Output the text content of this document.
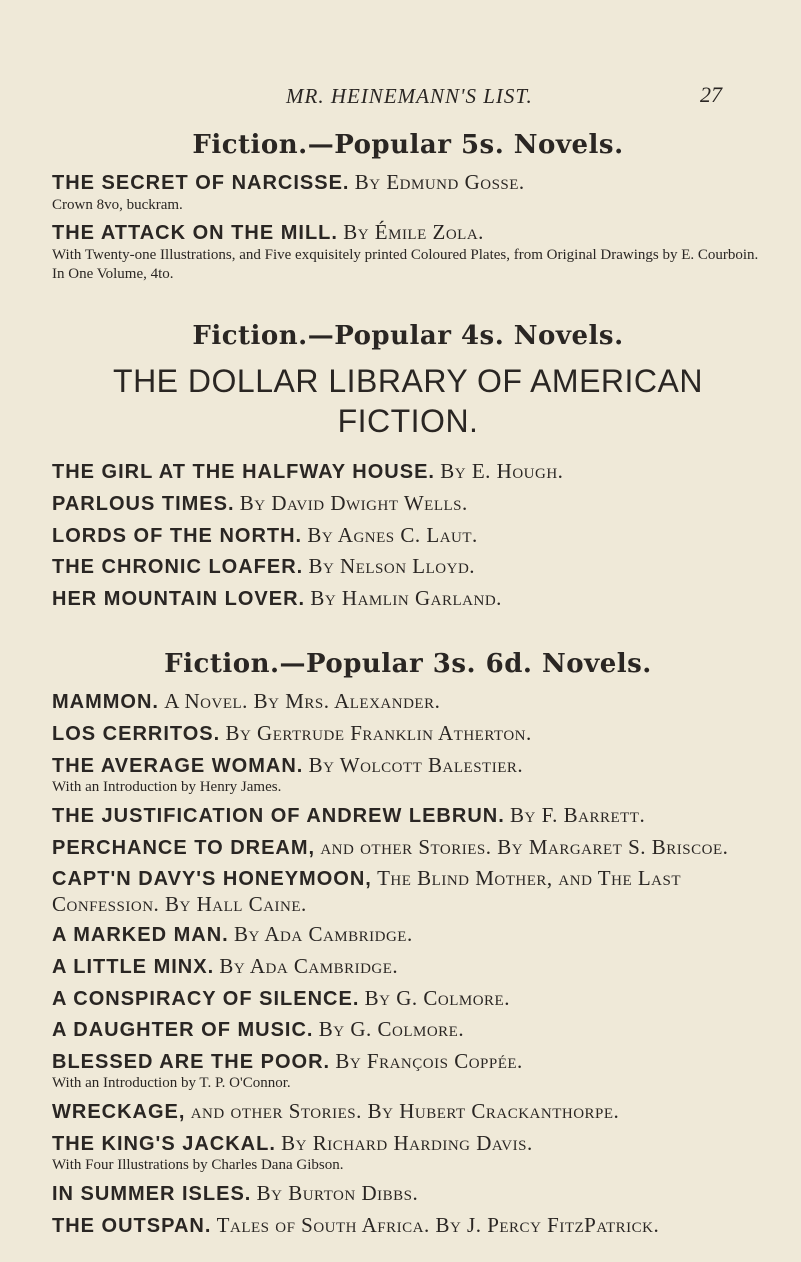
MR. HEINEMANN'S LIST.	27
Fiction.—Popular 5s. Novels.
THE SECRET OF NARCISSE. By Edmund Gosse.
Crown 8vo, buckram.
THE ATTACK ON THE MILL. By Émile Zola.
With Twenty-one Illustrations, and Five exquisitely printed Coloured Plates, from Original Drawings by E. Courboin. In One Volume, 4to.
Fiction.—Popular 4s. Novels.
THE DOLLAR LIBRARY OF AMERICAN FICTION.
THE GIRL AT THE HALFWAY HOUSE. By E. Hough.
PARLOUS TIMES. By David Dwight Wells.
LORDS OF THE NORTH. By Agnes C. Laut.
THE CHRONIC LOAFER. By Nelson Lloyd.
HER MOUNTAIN LOVER. By Hamlin Garland.
Fiction.—Popular 3s. 6d. Novels.
MAMMON. A Novel. By Mrs. Alexander.
LOS CERRITOS. By Gertrude Franklin Atherton.
THE AVERAGE WOMAN. By Wolcott Balestier.
With an Introduction by Henry James.
THE JUSTIFICATION OF ANDREW LEBRUN. By F. Barrett.
PERCHANCE TO DREAM, and other Stories. By Margaret S. Briscoe.
CAPT'N DAVY'S HONEYMOON, The Blind Mother, and The Last Confession. By Hall Caine.
A MARKED MAN. By Ada Cambridge.
A LITTLE MINX. By Ada Cambridge.
A CONSPIRACY OF SILENCE. By G. Colmore.
A DAUGHTER OF MUSIC. By G. Colmore.
BLESSED ARE THE POOR. By François Coppée.
With an Introduction by T. P. O'Connor.
WRECKAGE, and other Stories. By Hubert Crackanthorpe.
THE KING'S JACKAL. By Richard Harding Davis.
With Four Illustrations by Charles Dana Gibson.
IN SUMMER ISLES. By Burton Dibbs.
THE OUTSPAN. Tales of South Africa. By J. Percy FitzPatrick.
